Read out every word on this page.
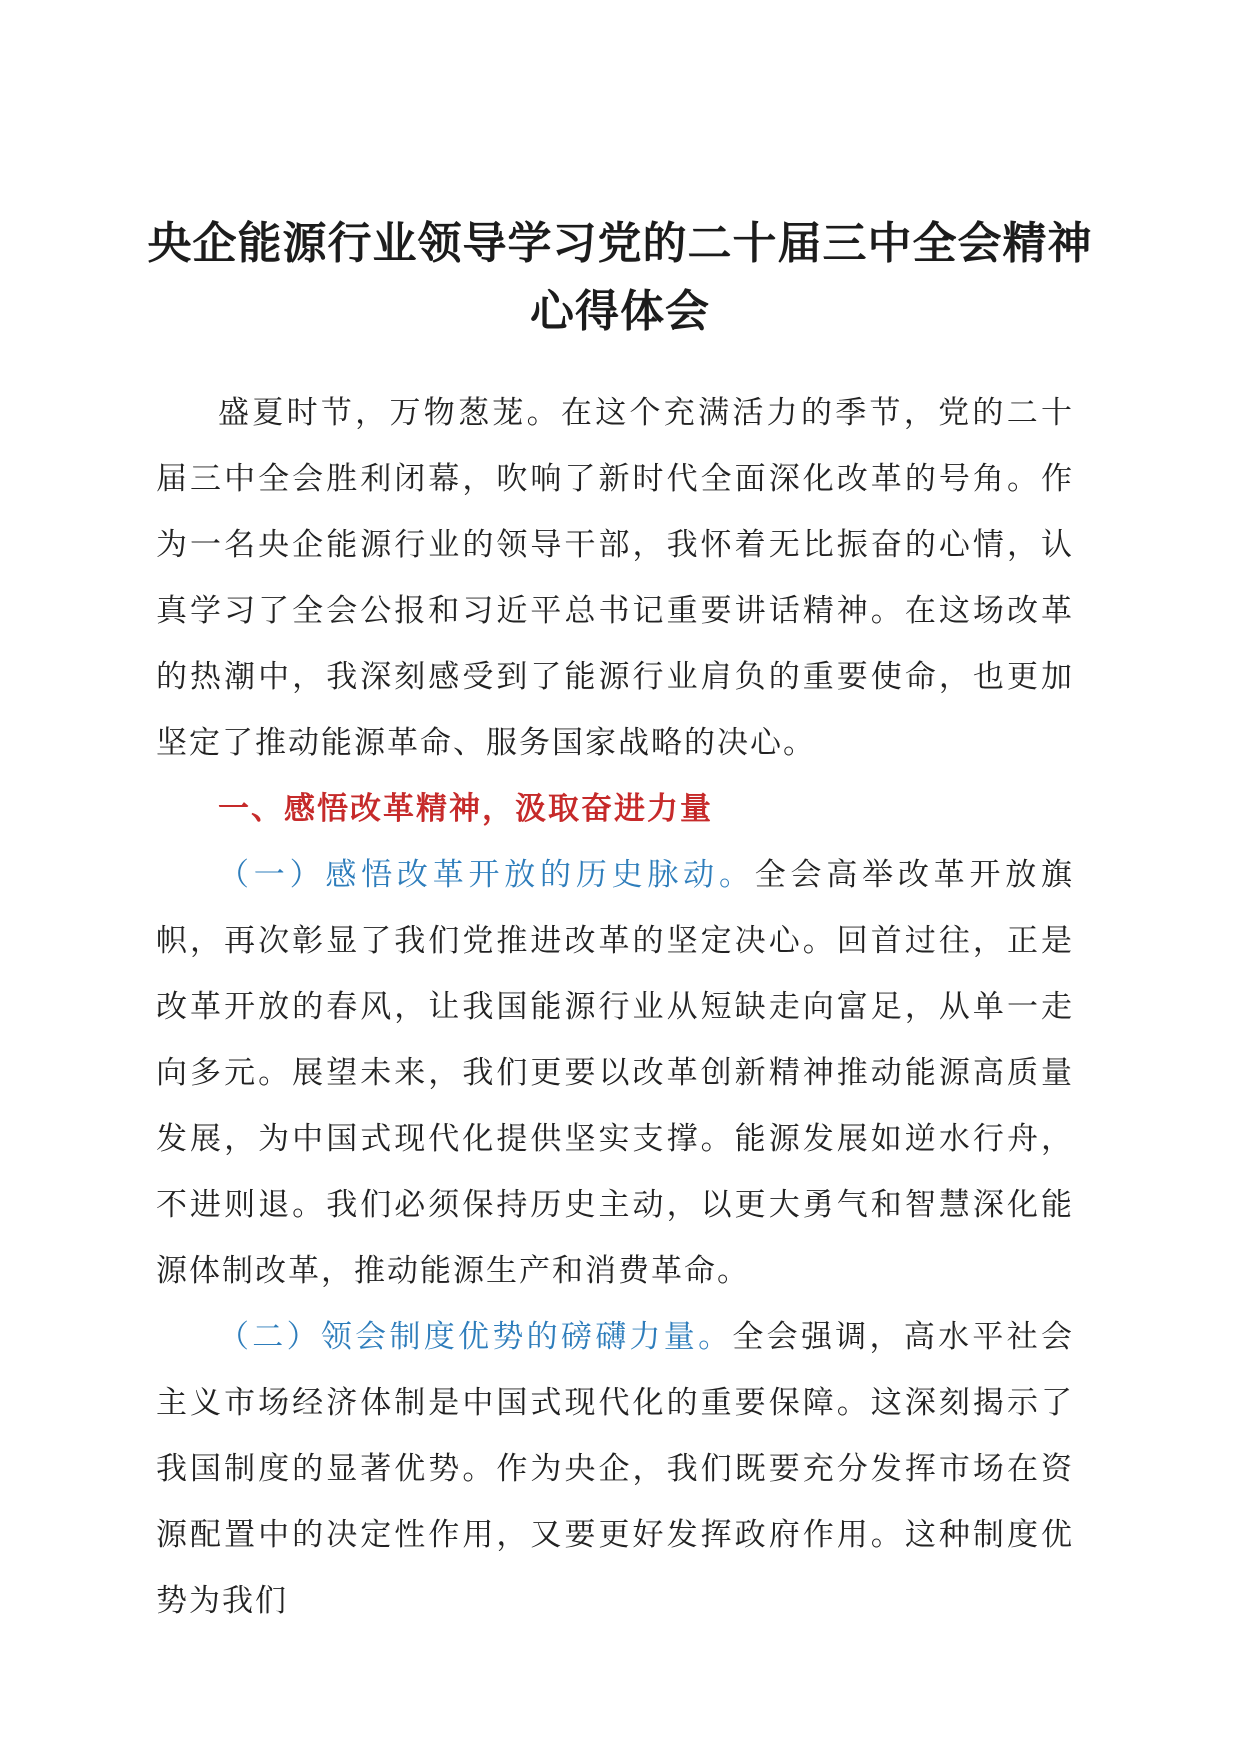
央企能源行业领导学习党的二十届三中全会精神心得体会

盛夏时节，万物葱茏。在这个充满活力的季节，党的二十届三中全会胜利闭幕，吹响了新时代全面深化改革的号角。作为一名央企能源行业的领导干部，我怀着无比振奋的心情，认真学习了全会公报和习近平总书记重要讲话精神。在这场改革的热潮中，我深刻感受到了能源行业肩负的重要使命，也更加坚定了推动能源革命、服务国家战略的决心。

一、感悟改革精神，汲取奋进力量

（一）感悟改革开放的历史脉动。全会高举改革开放旗帜，再次彰显了我们党推进改革的坚定决心。回首过往，正是改革开放的春风，让我国能源行业从短缺走向富足，从单一走向多元。展望未来，我们更要以改革创新精神推动能源高质量发展，为中国式现代化提供坚实支撑。能源发展如逆水行舟，不进则退。我们必须保持历史主动，以更大勇气和智慧深化能源体制改革，推动能源生产和消费革命。

（二）领会制度优势的磅礴力量。全会强调，高水平社会主义市场经济体制是中国式现代化的重要保障。这深刻揭示了我国制度的显著优势。作为央企，我们既要充分发挥市场在资源配置中的决定性作用，又要更好发挥政府作用。这种制度优势为我们
